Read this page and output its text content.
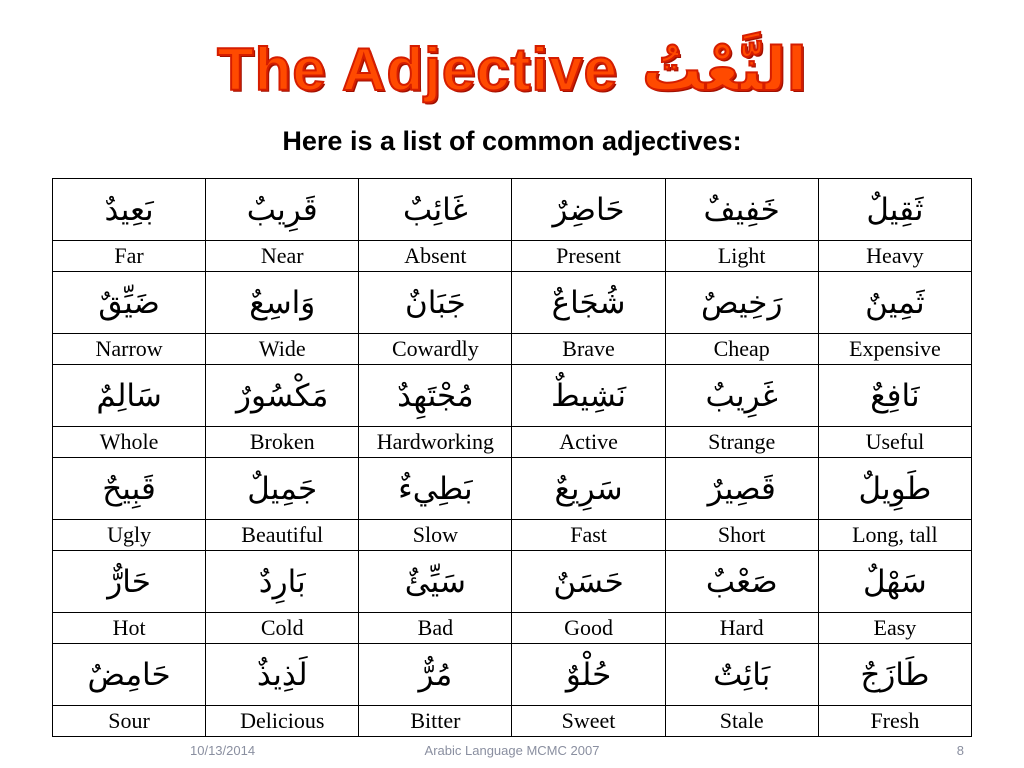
The Adjective النَّعْتُ
Here is a list of common adjectives:
بَعِيدٌ	قَرِيبٌ	غَائِبٌ	حَاضِرٌ	خَفِيفٌ	ثَقِيلٌ
Far	Near	Absent	Present	Light	Heavy
ضَيِّقٌ	وَاسِعٌ	جَبَانٌ	شُجَاعٌ	رَخِيصٌ	ثَمِينٌ
Narrow	Wide	Cowardly	Brave	Cheap	Expensive
سَالِمٌ	مَكْسُورٌ	مُجْتَهِدٌ	نَشِيطٌ	غَرِيبٌ	نَافِعٌ
Whole	Broken	Hardworking	Active	Strange	Useful
قَبِيحٌ	جَمِيلٌ	بَطِيءٌ	سَرِيعٌ	قَصِيرٌ	طَوِيلٌ
Ugly	Beautiful	Slow	Fast	Short	Long, tall
حَارٌّ	بَارِدٌ	سَيِّئٌ	حَسَنٌ	صَعْبٌ	سَهْلٌ
Hot	Cold	Bad	Good	Hard	Easy
حَامِضٌ	لَذِيذٌ	مُرٌّ	حُلْوٌ	بَائِتٌ	طَازَجٌ
Sour	Delicious	Bitter	Sweet	Stale	Fresh
10/13/2014	Arabic Language MCMC 2007	8
